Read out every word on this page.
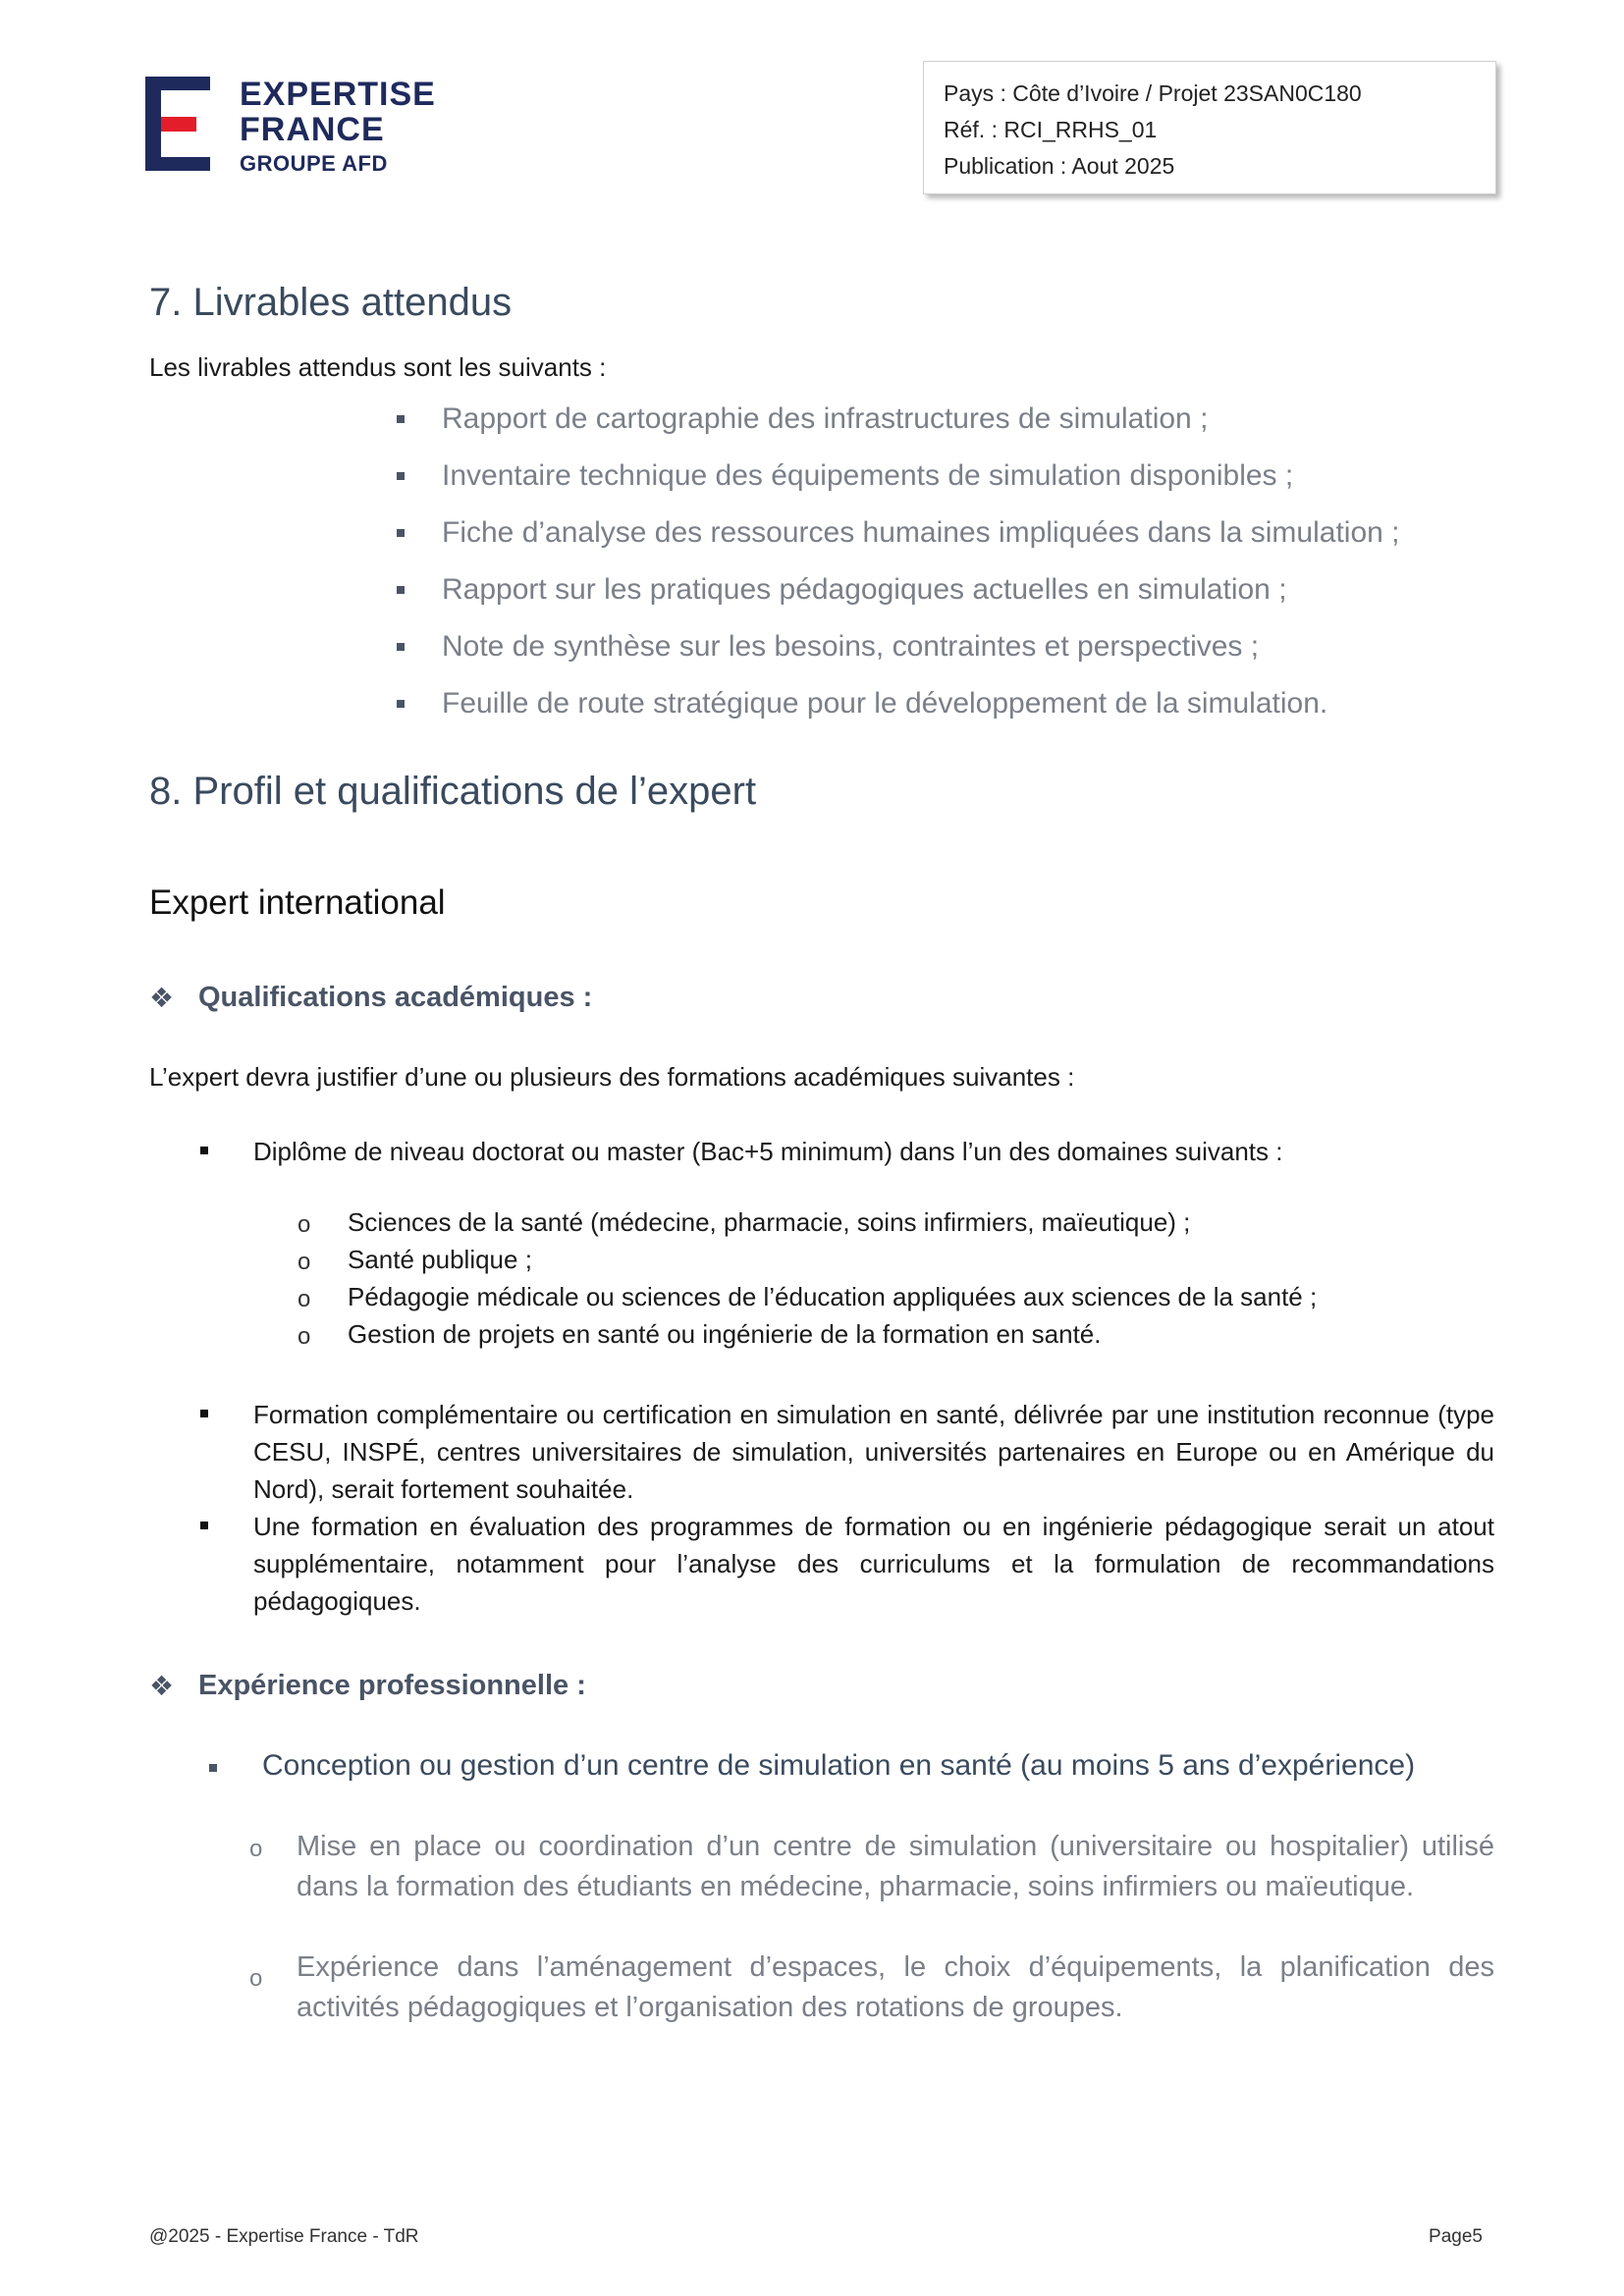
EXPERTISE
FRANCE
GROUPE AFD
Pays : Côte d’Ivoire / Projet 23SAN0C180
Réf. : RCI_RRHS_01
Publication : Aout 2025
7. Livrables attendus
Les livrables attendus sont les suivants :
Rapport de cartographie des infrastructures de simulation ;
Inventaire technique des équipements de simulation disponibles ;
Fiche d’analyse des ressources humaines impliquées dans la simulation ;
Rapport sur les pratiques pédagogiques actuelles en simulation ;
Note de synthèse sur les besoins, contraintes et perspectives ;
Feuille de route stratégique pour le développement de la simulation.
8. Profil et qualifications de l’expert
Expert international
❖ Qualifications académiques :
L’expert devra justifier d’une ou plusieurs des formations académiques suivantes :
Diplôme de niveau doctorat ou master (Bac+5 minimum) dans l’un des domaines suivants :
o Sciences de la santé (médecine, pharmacie, soins infirmiers, maïeutique) ;
o Santé publique ;
o Pédagogie médicale ou sciences de l’éducation appliquées aux sciences de la santé ;
o Gestion de projets en santé ou ingénierie de la formation en santé.
Formation complémentaire ou certification en simulation en santé, délivrée par une institution reconnue (type CESU, INSPÉ, centres universitaires de simulation, universités partenaires en Europe ou en Amérique du Nord), serait fortement souhaitée.
Une formation en évaluation des programmes de formation ou en ingénierie pédagogique serait un atout supplémentaire, notamment pour l’analyse des curriculums et la formulation de recommandations pédagogiques.
❖ Expérience professionnelle :
Conception ou gestion d’un centre de simulation en santé (au moins 5 ans d’expérience)
o Mise en place ou coordination d’un centre de simulation (universitaire ou hospitalier) utilisé dans la formation des étudiants en médecine, pharmacie, soins infirmiers ou maïeutique.
o Expérience dans l’aménagement d’espaces, le choix d’équipements, la planification des activités pédagogiques et l’organisation des rotations de groupes.
@2025 - Expertise France - TdR	Page5
